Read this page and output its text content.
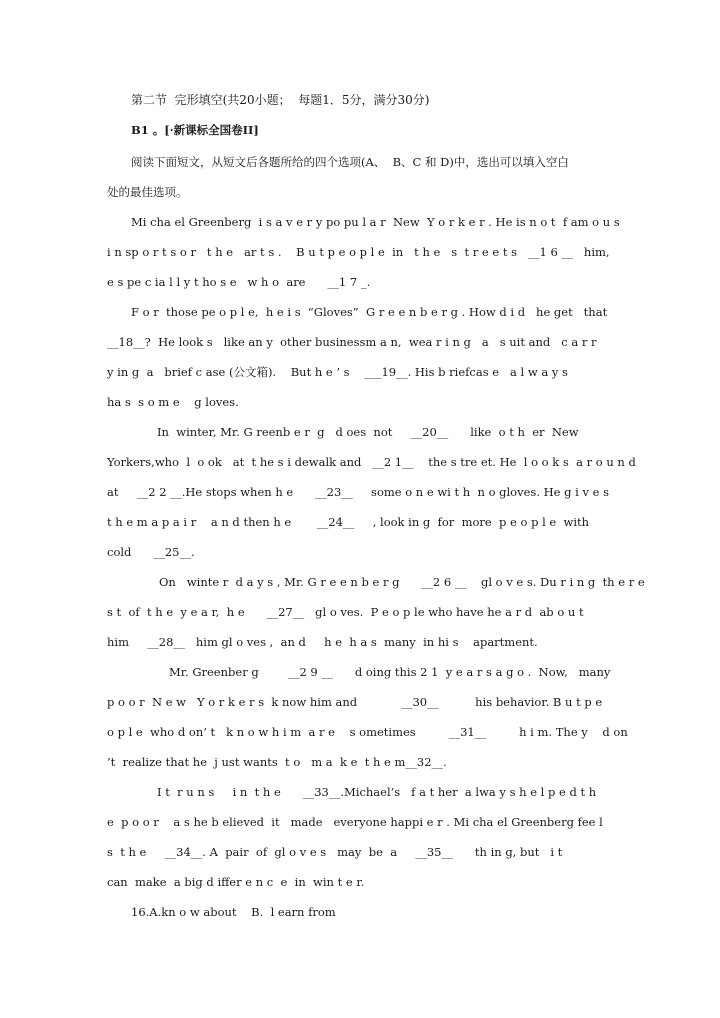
第二节  完形填空(共20小题；  每题1．5分，满分30分)
B1 。[·新课标全国卷II]
阅读下面短文，从短文后各题所给的四个选项(A、  B、C 和 D)中，选出可以填入空白
处的最佳选项。
Mi cha el Greenberg  i s a v e r y po pu l a r  New  Y o r k e r . He is n o t  f am o u s
i n sp o r t s o r   t h e   ar t s .    B u t p e o p l e  in   t h e   s  t r e e t s   __1 6 __   him,
e s pe c ia l l y t ho s e   w h o  are      __1 7 _.
F o r  those pe o p l e,  h e i s  “Gloves”  G r e e n b e r g . How d i d   he get   that
__18__?  He look s   like an y  other businessm a n,  wea r i n g   a   s uit and   c a r r
y in g  a   brief c ase (公文箱).    But h e ’ s    ___19__. His b riefcas e   a l w a y s
ha s  s o m e    g loves.
In  winter, Mr. G reenb e r  g   d oes  not     __20__      like  o t h  er  New
Yorkers,who  l  o ok   at  t he s i dewalk and   __2 1__    the s tre et. He  l o o k s  a r o u n d
at     __2 2 __.He stops when h e      __23__     some o n e wi t h  n o gloves. He g i v e s
t h e m a p a i r    a n d then h e       __24__     , look in g  for  more  p e o p l e  with
cold      __25__.
On   winte r  d a y s , Mr. G r e e n b e r g      __2 6 __    gl o v e s. Du r i n g  th e r e
s t  of  t h e  y e a r,  h e      __27__   gl o ves.  P e o p le who have he a r d  ab o u t
him     __28__   him gl o ves ,  an d     h e  h a s  many  in hi s    apartment.
Mr. Greenber g        __2 9 __      d oing this 2 1  y e a r s a g o .  Now,   many
p o o r  N e w   Y o r k e r s  k now him and            __30__          his behavior. B u t p e
o p l e  who d on’ t   k n o w h i m  a r e    s ometimes         __31__         h i m. The y    d on
’t  realize that he  j ust wants  t o   m a  k e  t h e m__32__.
I t  r u n s     i n  t h e      __33__.Michael’s   f a t her  a lwa y s h e l p e d t h
e  p o o r    a s he b elieved  it   made   everyone happi e r . Mi cha el Greenberg fee l
s  t h e     __34__. A  pair  of  gl o v e s   may  be  a     __35__      th in g, but   i t
can  make  a big d iffer e n c  e  in  win t e r.
16.A.kn o w about    B.  l earn from
